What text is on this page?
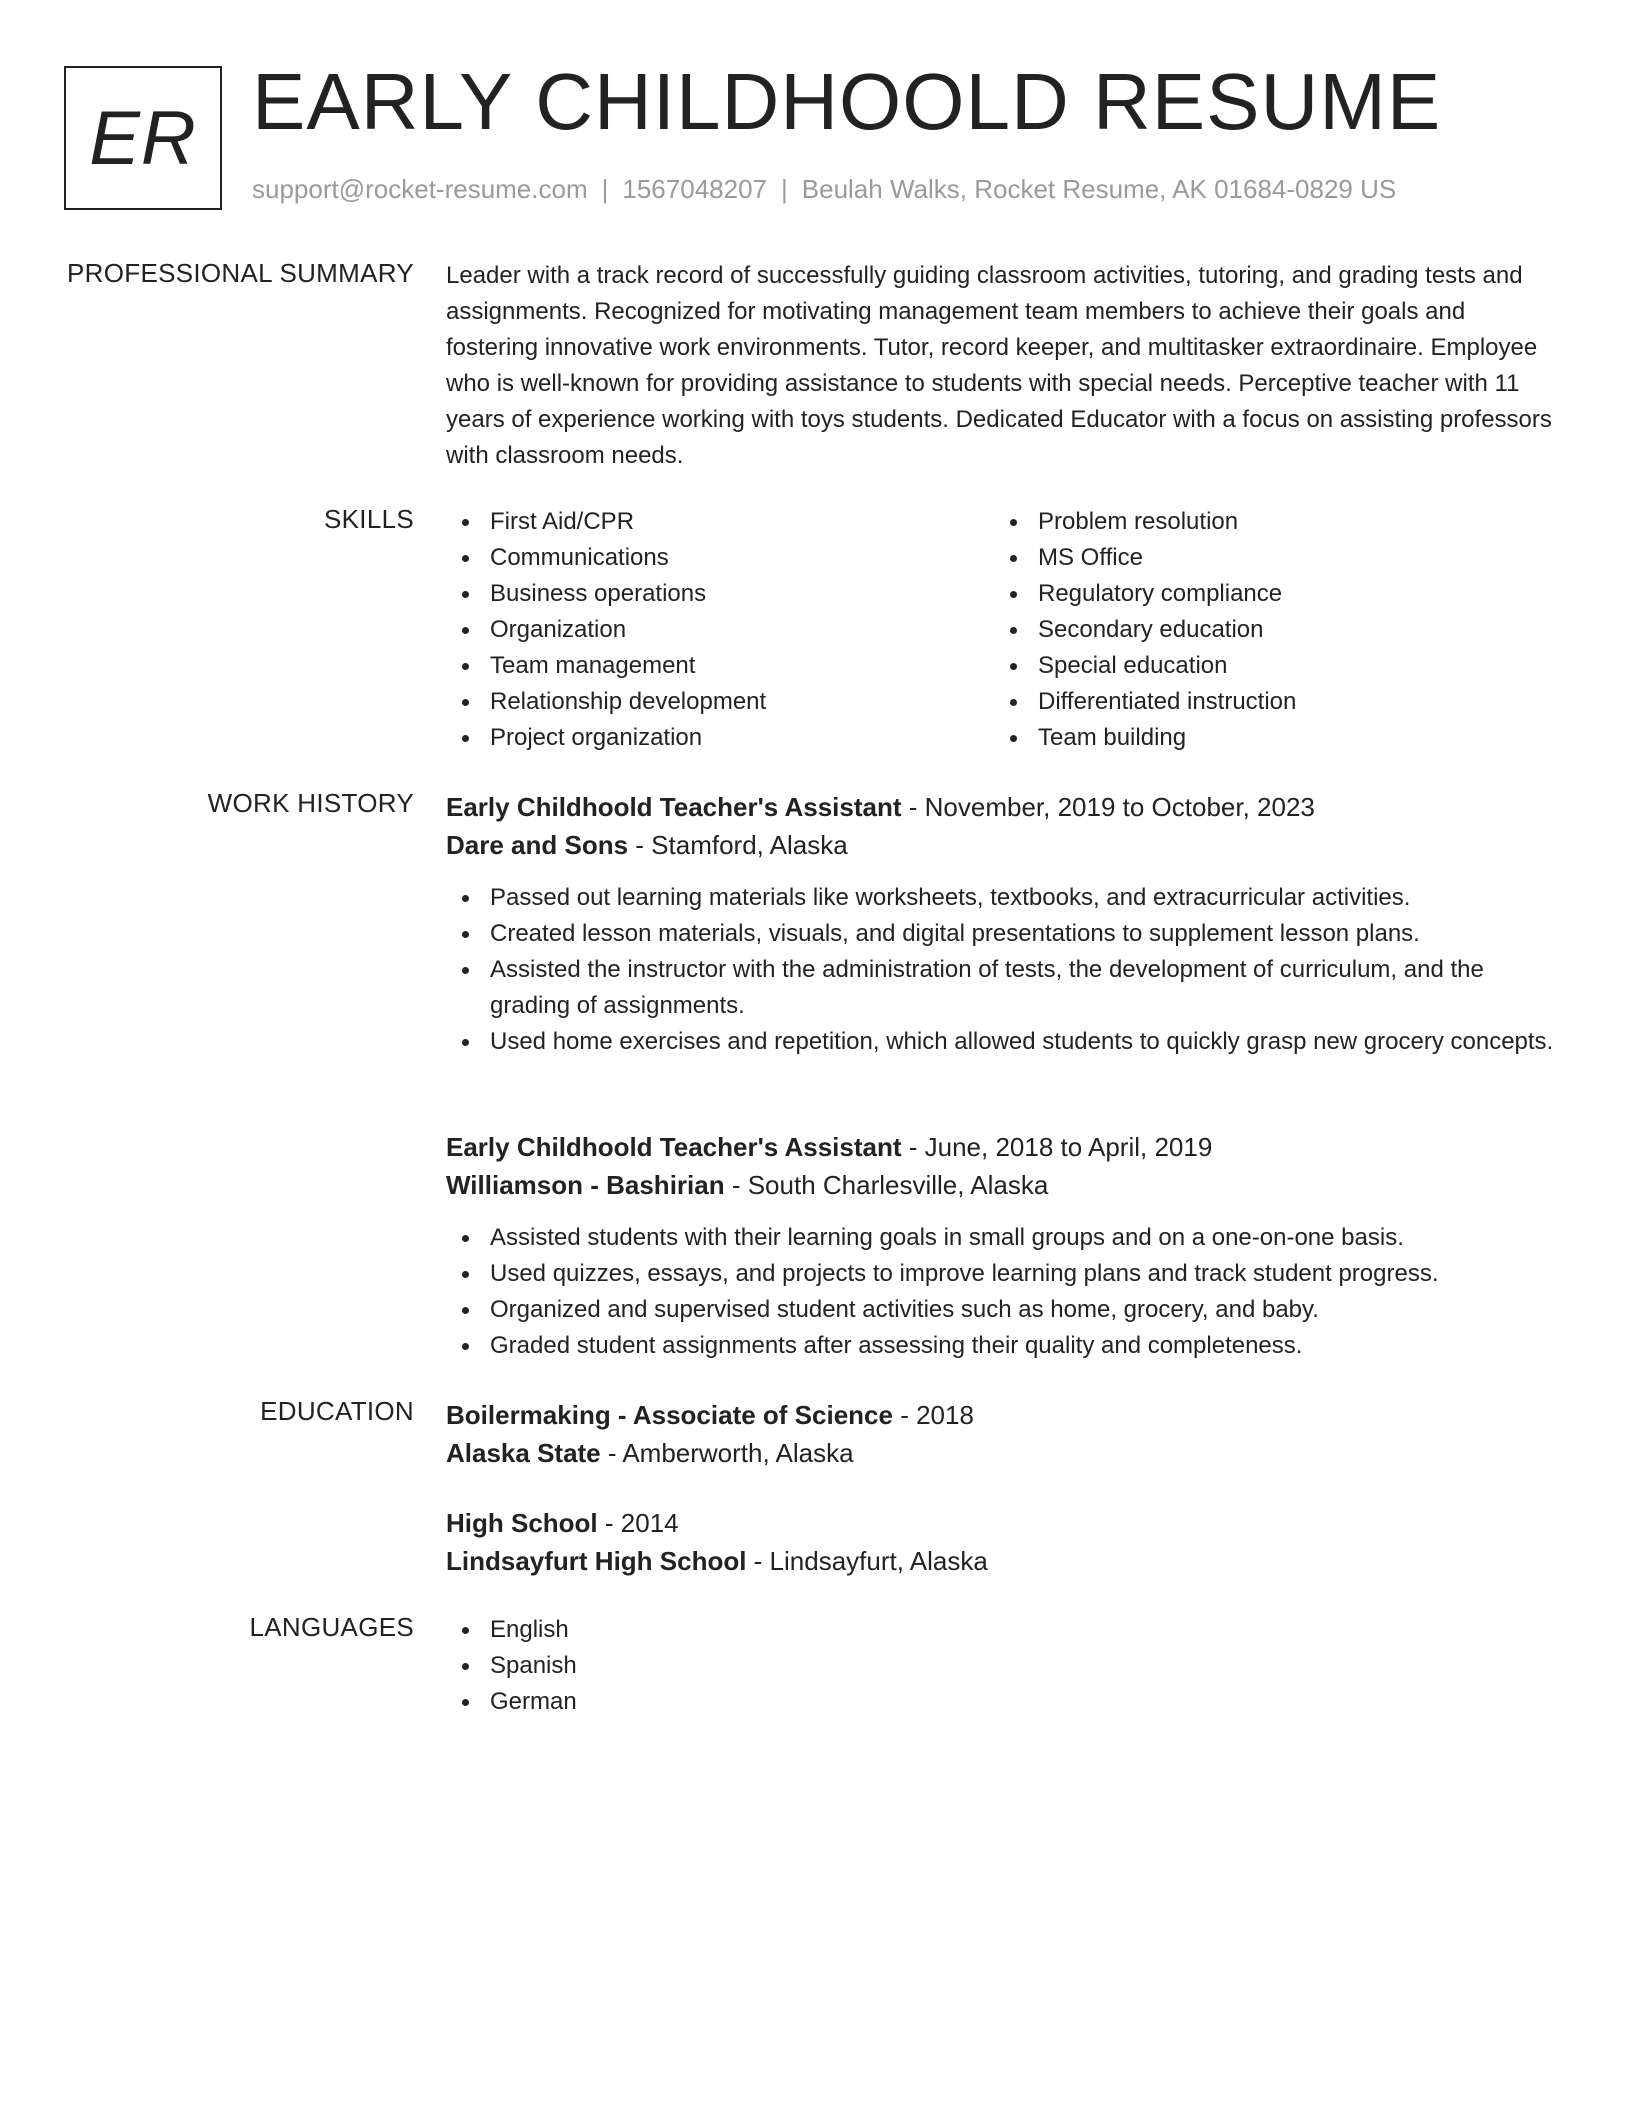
ER EARLY CHILDHOOLD RESUME
support@rocket-resume.com | 1567048207 | Beulah Walks, Rocket Resume, AK 01684-0829 US
PROFESSIONAL SUMMARY Leader with a track record of successfully guiding classroom activities, tutoring, and grading tests and assignments. Recognized for motivating management team members to achieve their goals and fostering innovative work environments. Tutor, record keeper, and multitasker extraordinaire. Employee who is well-known for providing assistance to students with special needs. Perceptive teacher with 11 years of experience working with toys students. Dedicated Educator with a focus on assisting professors with classroom needs.
SKILLS	First Aid/CPR
Communications
Business operations
Organization
Team management
Relationship development
Project organization
Problem resolution
MS Office
Regulatory compliance
Secondary education
Special education
Differentiated instruction
Team building
WORK HISTORY Early Childhoold Teacher's Assistant - November, 2019 to October, 2023
Dare and Sons - Stamford, Alaska
Passed out learning materials like worksheets, textbooks, and extracurricular activities.
Created lesson materials, visuals, and digital presentations to supplement lesson plans.
Assisted the instructor with the administration of tests, the development of curriculum, and the grading of assignments.
Used home exercises and repetition, which allowed students to quickly grasp new grocery concepts.
Early Childhoold Teacher's Assistant - June, 2018 to April, 2019
Williamson - Bashirian - South Charlesville, Alaska
Assisted students with their learning goals in small groups and on a one-on-one basis.
Used quizzes, essays, and projects to improve learning plans and track student progress.
Organized and supervised student activities such as home, grocery, and baby.
Graded student assignments after assessing their quality and completeness.
EDUCATION Boilermaking - Associate of Science - 2018
Alaska State - Amberworth, Alaska
High School - 2014
Lindsayfurt High School - Lindsayfurt, Alaska
LANGUAGES	English
Spanish
German
